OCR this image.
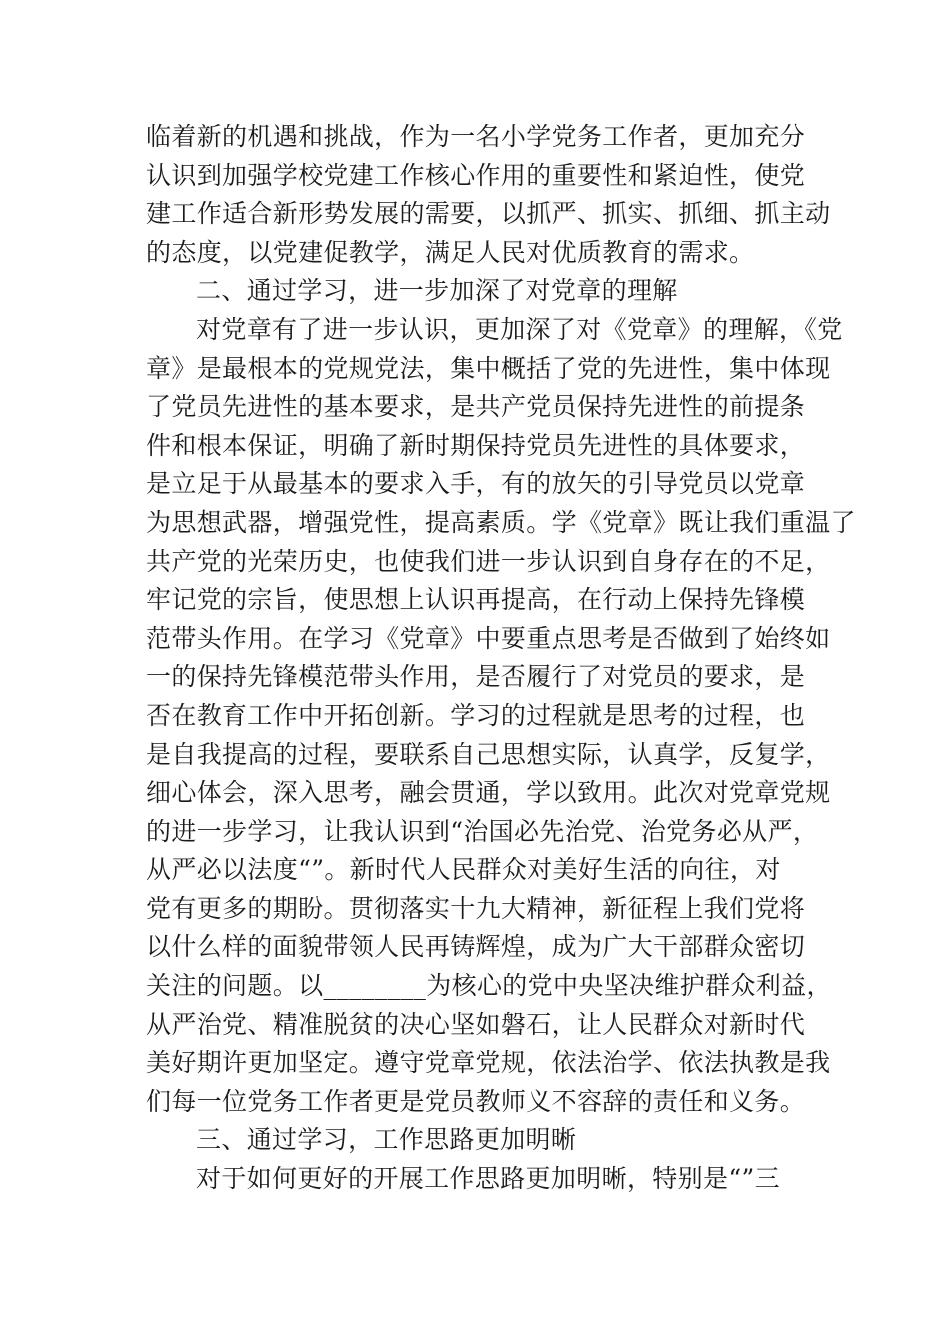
临着新的机遇和挑战，作为一名小学党务工作者，更加充分
认识到加强学校党建工作核心作用的重要性和紧迫性，使党
建工作适合新形势发展的需要，以抓严、抓实、抓细、抓主动
的态度，以党建促教学，满足人民对优质教育的需求。
二、通过学习，进一步加深了对党章的理解
对党章有了进一步认识，更加深了对《党章》的理解，《党
章》是最根本的党规党法，集中概括了党的先进性，集中体现
了党员先进性的基本要求，是共产党员保持先进性的前提条
件和根本保证，明确了新时期保持党员先进性的具体要求，
是立足于从最基本的要求入手，有的放矢的引导党员以党章
为思想武器，增强党性，提高素质。学《党章》既让我们重温了
共产党的光荣历史，也使我们进一步认识到自身存在的不足，
牢记党的宗旨，使思想上认识再提高，在行动上保持先锋模
范带头作用。在学习《党章》中要重点思考是否做到了始终如
一的保持先锋模范带头作用，是否履行了对党员的要求，是
否在教育工作中开拓创新。学习的过程就是思考的过程，也
是自我提高的过程，要联系自己思想实际，认真学，反复学，
细心体会，深入思考，融会贯通，学以致用。此次对党章党规
的进一步学习，让我认识到“治国必先治党、治党务必从严，
从严必以法度“”。新时代人民群众对美好生活的向往，对
党有更多的期盼。贯彻落实十九大精神，新征程上我们党将
以什么样的面貌带领人民再铸辉煌，成为广大干部群众密切
关注的问题。以________为核心的党中央坚决维护群众利益，
从严治党、精准脱贫的决心坚如磐石，让人民群众对新时代
美好期许更加坚定。遵守党章党规，依法治学、依法执教是我
们每一位党务工作者更是党员教师义不容辞的责任和义务。
三、通过学习，工作思路更加明晰
对于如何更好的开展工作思路更加明晰，特别是“”三
